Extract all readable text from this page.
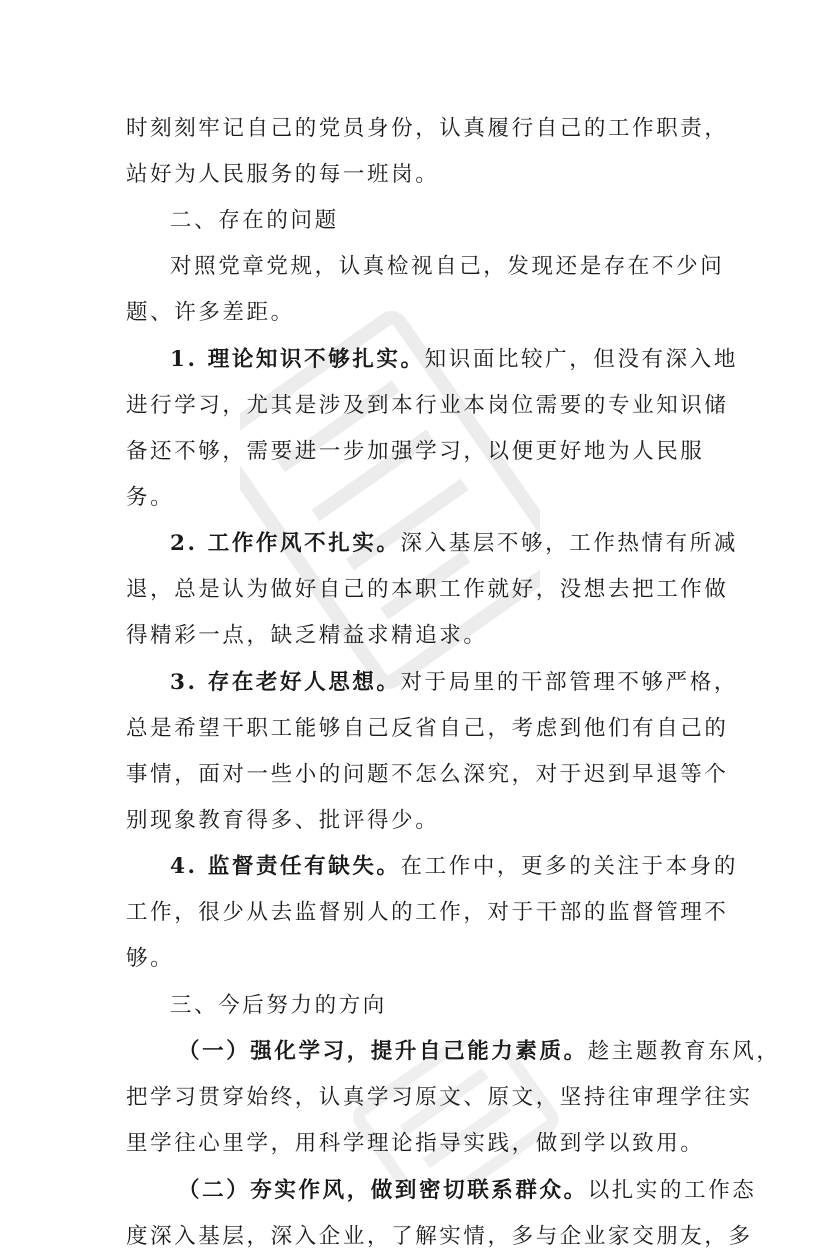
时刻刻牢记自己的党员身份，认真履行自己的工作职责，
站好为人民服务的每一班岗。
二、存在的问题
对照党章党规，认真检视自己，发现还是存在不少问
题、许多差距。
1. 理论知识不够扎实。知识面比较广，但没有深入地
进行学习，尤其是涉及到本行业本岗位需要的专业知识储
备还不够，需要进一步加强学习，以便更好地为人民服
务。
2. 工作作风不扎实。深入基层不够，工作热情有所减
退，总是认为做好自己的本职工作就好，没想去把工作做
得精彩一点，缺乏精益求精追求。
3. 存在老好人思想。对于局里的干部管理不够严格，
总是希望干职工能够自己反省自己，考虑到他们有自己的
事情，面对一些小的问题不怎么深究，对于迟到早退等个
别现象教育得多、批评得少。
4. 监督责任有缺失。在工作中，更多的关注于本身的
工作，很少从去监督别人的工作，对于干部的监督管理不
够。
三、今后努力的方向
（一）强化学习，提升自己能力素质。趁主题教育东风，
把学习贯穿始终，认真学习原文、原文，坚持往审理学往实
里学往心里学，用科学理论指导实践，做到学以致用。
（二）夯实作风，做到密切联系群众。以扎实的工作态
度深入基层，深入企业，了解实情，多与企业家交朋友，多
